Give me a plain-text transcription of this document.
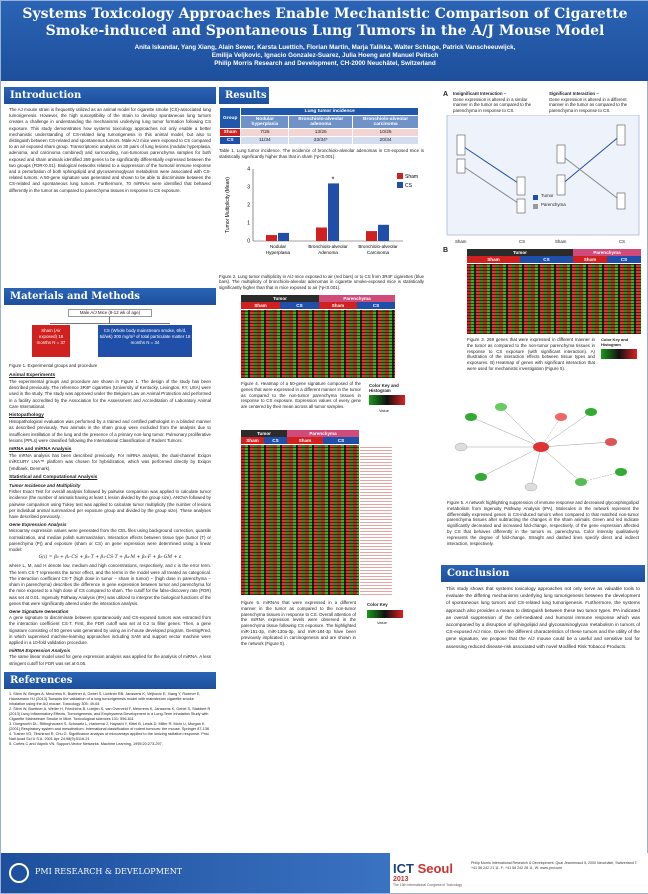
Systems Toxicology Approaches Enable Mechanistic Comparison of Cigarette
Smoke-induced and Spontaneous Lung Tumors in the A/J Mouse Model
Anita Iskandar, Yang Xiang, Alain Sewer, Karsta Luettich, Florian Martin, Marja Talikka, Walter Schlage, Patrick Vanscheeuwijck,
Emilija Veljkovic, Ignacio Gonzalez-Suarez, Julia Hoeng and Manuel Peitsch
Philip Morris Research and Development, CH-2000 Neuchâtel, Switzerland
Introduction
The AJ mouse strain is frequently utilized as an animal model for cigarette smoke (CS)-associated lung tumorigenesis. However, the high susceptibility of the strain to develop spontaneous lung tumors creates a challenge in understanding the mechanisms underlying lung tumor formation following CS exposure. This study demonstrates how systems toxicology approaches not only enable a better mechanistic understanding of CS-related lung tumorigenesis in this animal model, but also to distinguish between CS-related and spontaneous tumors. Male A/J mice were exposed to CS compared to an air exposed sham group. Transcriptomic analysis on 30 pairs of lung lesions (nodular hyperplasia, adenoma, and carcinoma combined) and surrounding, non-tumorous parenchyma samples for both exposed and sham animals identified 269 genes to be significantly differentially expressed between the two groups (FDR<0.01). Biological networks related to a suppression of the humoral immune response and a perturbation of both sphingolipid and glycosaminoglycan metabolism were associated with CS-related tumors. A 50-gene signature was generated and shown to be able to discriminate between the CS-related and spontaneous lung tumors. Furthermore, 70 miRNAs were identified that behaved differently in the tumor as compared to parenchyma tissues in response to CS exposure.
Materials and Methods
Male A/J Mice (8-12 wk of age)
Sham (Air exposed) 18 months N = 37
CS (Whole body mainstream smoke, 6h/d, 5d/wk) 300 mg/m³ of total particulate matter 18 months N = 34
Figure 1. Experimental groups and procedure
Animal Experiments
The experimental groups and procedure are shown in Figure 1. The design of the study has been described previously. The reference 3R4F cigarettes (University of Kentucky, Lexington, KY, USA) were used in the study. The study was approved under the Belgium Law on Animal Protection and performed in a facility accredited by the Association for the Assessment and Accreditation of Laboratory Animal Care International.
Histopathology
Histopathological evaluation was performed by a trained and certified pathologist in a blinded manner as described previously. Two animals in the sham group were excluded from the analysis due to insufficient instillation of the lung and the presence of a primary non-lung tumor. Pulmonary proliferative lesions (PPLs) were classified following the International Classification of Rodent Tumors.
mRNA and miRNA Analysis
The mRNA analysis has been described previously. For miRNA analysis, the dual-channel Exiqon miRCURY LNA™ platform was chosen for hybridization, which was performed directly by Exiqon (Vedbaek, Denmark).
Statistical and Computational Analysis
Tumor Incidence and Multiplicity
Fisher Exact Test for overall analysis followed by pairwise comparison was applied to calculate tumor incidence (the number of animals having at least 1 lesion divided by the group size). ANOVA followed by pairwise comparison using Tukey test was applied to calculate tumor multiplicity (the number of lesions per individual animal summarized per exposure group and divided by the group size). These analyses have described previously.
Gene Expression Analysis
Microarray expression values were generated from the CEL files using background correction, quantile normalization, and median polish summarization. Interaction effects between tissue type (tumor (T) or parenchyma (P)) and exposure (sham or CS) on gene expression were determined using a linear model:
G(i) = β₀ + β₁·CS + β₂·T + β₃·CS·T + β₄·M + β₅·F + β₆·GM + ε
where L, M, and H denote low, medium and high concentrations, respectively, and ε is the error term. The term CS·T represents the tumor effect, and the terms in the model were all treated as categorical. The interaction coefficient CS·T (high dose in tumor − sham in tumor) − (high dose in parenchyma − sham in parenchyma) describes the difference in gene expression between tumor and parenchyma for the mice exposed to a high dose of CS compared to sham. The cutoff for the false-discovery rate (FDR) was set at 0.01. Ingenuity Pathway Analysis (IPA) was utilized to interpret the biological functions of the genes that were significantly altered under the interaction analysis.
Gene Signature Generation
A gene signature to discriminate between spontaneously and CS-exposed tumors was extracted from the interaction coefficient CS·T. First, the FDR cutoff was set at 0.2 to filter genes. Then, a gene signature consisting of 50 genes was generated by using an in-house developed program, GenSigPred, in which supervised machine-learning approaches including SAM and support vector machine were applied in a 10-fold validation procedure.
miRNA Expression Analysis
The same linear model used for gene expression analysis was applied for the analysis of miRNA. A less stringent cutoff for FDR was set at 0.05.
References
1. Stinn W, Berges A, Meurrens K, Buettner A, Gebel S, Lichtner RB, Janssens K, Veljkovic E, Xiang Y, Roemer E, Haussmann HJ (2013) Towards the validation of a lung tumorigenesis model with mainstream cigarette smoke inhalation using the A/J mouse. Toxicology 305: 49-64
2. Stinn W, Buettner A, Weiler H, Friedrichs B, Luetjen S, van Overveld F, Meurrens K, Janssens K, Gebel S, Stabbert R (2013) Lung Inflammatory Effects, Tumorigenesis, and Emphysema Development in a Long-Term Inhalation Study with Cigarette Mainstream Smoke in Mice. Toxicological sciences 131: 596-611
3. Dungworth DL, Rittinghausen S, Schwartz L, Harkema J, Hayashi Y, Kittel B, Lewis D, Miller R, Mohr U, Morgan K (2001) Respiratory system and mesothelium. International classification of rodent tumours: the mouse. Springer 87-136
4. Tusher VG, Tibshirani R, Chu G. Significance analysis of microarrays applied to the ionizing radiation response. Proc Natl Acad Sci U S A. 2001 Apr 24;98(9):5116-21
5. Cortes C and Vapnik VN. Support-Vector Networks. Machine Learning, 1995;20:273-297.
Results
Group	Lung tumor incidence		
	Nodular hyperplasia	Bronchiolo-alveolar adenoma	Bronchiolo-alveolar carcinoma
Sham	7/25	13/25	10/25
CS	11/34	33/34*	20/34
Table 1. Lung tumor incidence. The incidence of bronchiolo-alveolar adenomas in CS-exposed mice is statistically significantly higher than that in sham (*p<0.001).
0
1
2
3
4
Tumor Multiplicity (Mean)
Nodular
Hyperplasia
Bronchiolo-alveolar
Adenoma
Bronchiolo-alveolar
Carcinoma
*	Sham
CS
Figure 2. Lung tumor multiplicity in A/J mice exposed to air (red bars) or to CS from 3R4F cigarettes (blue bars). The multiplicity of bronchiolo-alveolar adenomas in cigarette smoke-exposed mice is statistically significantly higher than that in mice exposed to air (*p<0.001).
Tumor	Parenchyma
Sham	CS	Sham	CS
Figure 4. Heatmap of a 50-gene signature composed of the genes that were expressed in a different manner in the tumor as compared to the non-tumor parenchyma tissues in response to CS exposure. Expression values of every gene are centered by their mean across all tumor samples.
Color Key and Histogram
Value
Tumor	Parenchyma
Sham	CS	Sham	CS
Figure 6. miRNAs that were expressed in a different manner in the tumor as compared to the non-tumor parenchyma tissues in response to CS. Overall attention of the miRNA expression levels were observed in the parenchyma tissue following CS exposure. The highlighted miR-151-3p, miR-130a-3p, and miR-184-3p have been previously implicated in carcinogenesis and are shown in the network (Figure 5).
Color Key
Value
A Insignificant Interaction –
Gene expression is altered in a similar manner in the tumor as compared to the parenchyma in response to CS.
Significant Interaction –
Gene expression is altered in a different manner in the tumor as compared to the parenchyma in response to CS.
Tumor
Parenchyma
Sham	CS	Sham	CS
B	Tumor	Parenchyma
Sham	CS	Sham	CS
Figure 3. 269 genes that were expressed in different manner in the tumor as compared to the non-tumor parenchyma tissues in response to CS exposure (with significant interaction). A) Illustration of the interaction effects between tissue types and exposures. B) Heatmap of genes with significant interaction that were used for mechanistic investigation (Figure 5).
Color Key and Histogram
Figure 5. A network highlighting suppression of immune response and decreased glycosphingolipid metabolism from Ingenuity Pathway Analysis (IPA). Molecules in the network represent the differentially expressed genes in CS-induced tumors when compared to that matched non-tumor parenchyma tissues after subtracting the changes in the sham animals. Green and red indicate significantly decreased and increased fold-change, respectively, of the gene expression affected by CS that behaves differently in the tumors vs. parenchyma. Color intensity qualitatively represents the degree of fold-change. Straight and dashed lines specify direct and indirect interaction, respectively.
Conclusion
This study shows that systems toxicology approaches not only serve as valuable tools to evaluate the differing mechanisms underlying lung tumorigenesis between the development of spontaneous lung tumors and CS-related lung tumorigenesis. Furthermore, the systems approach also provides a means to distinguish between these two tumor types. IPA indicated an overall suppression of the cell-mediated and humoral immune response which was accompanied by a disruption of sphingolipid and glycosaminoglycan metabolism in tumors of CS-exposed A/J mice. Given the different characteristics of these tumors and the utility of the gene signature, we propose that the A/J mouse could be a useful and sensitive tool for assessing reduced disease-risk associated with novel Modified Risk Tobacco Products.
PMI RESEARCH & DEVELOPMENT	ICT Seoul
2013
The 13th International Congress of Toxicology
Philip Morris International Research & Development, Quai Jeanrenaud 5, 2000 Neuchâtel, Switzerland T: +41 58 242 21 11, F: +41 58 242 28 11, W: www.pmi.com
